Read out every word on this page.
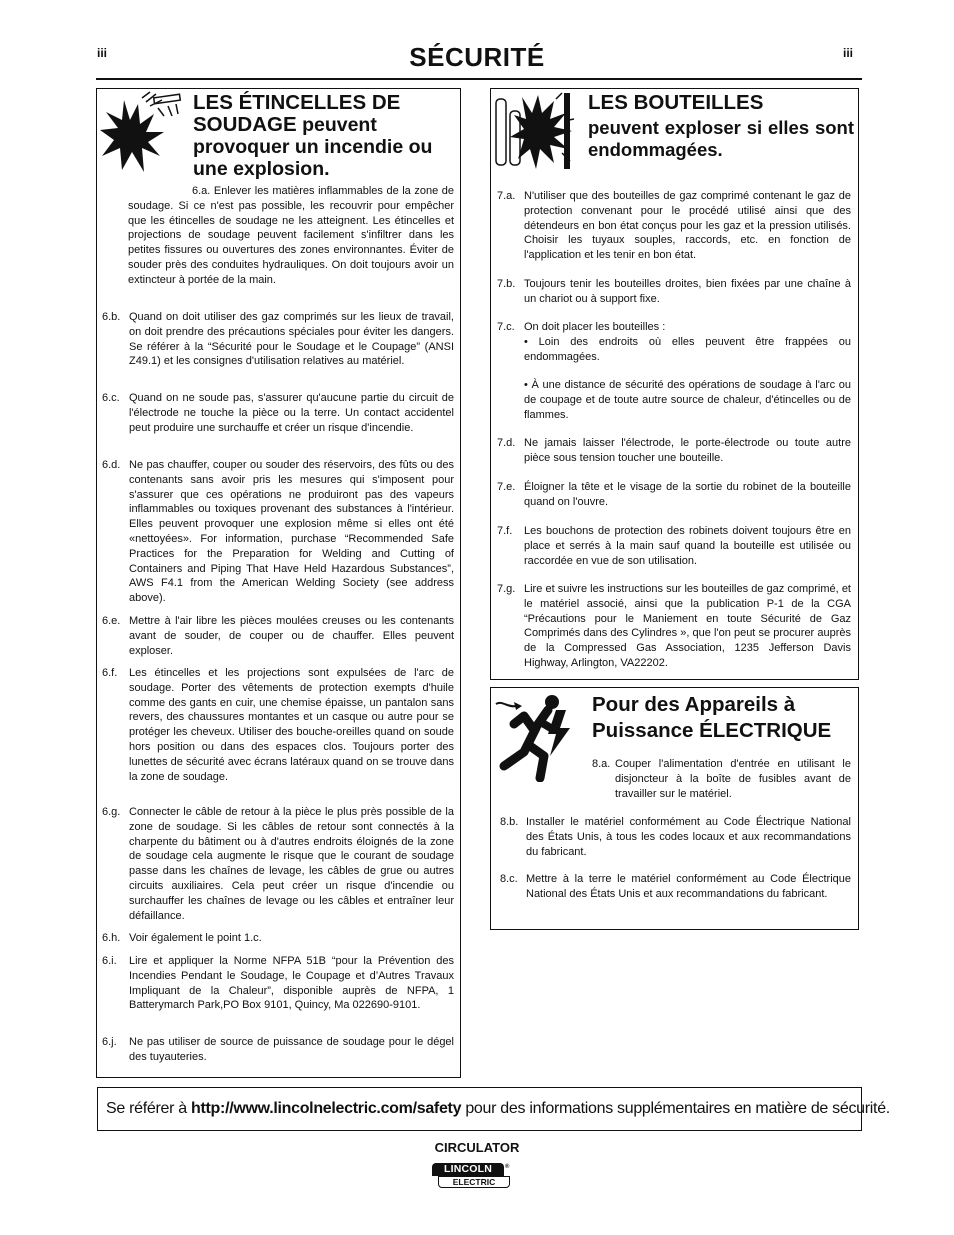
iii	iii
SÉCURITÉ
LES ÉTINCELLES DE SOUDAGE peuvent provoquer un incendie ou une explosion.
6.a. Enlever les matières inflammables de la zone de soudage. Si ce n'est pas possible, les recouvrir pour empêcher que les étincelles de soudage ne les atteignent. Les étincelles et projections de soudage peuvent facilement s'infiltrer dans les petites fissures ou ouvertures des zones environnantes. Éviter de souder près des conduites hydrauliques. On doit toujours avoir un extincteur à portée de la main.
6.b. Quand on doit utiliser des gaz comprimés sur les lieux de travail, on doit prendre des précautions spéciales pour éviter les dangers. Se référer à la “Sécurité pour le Soudage et le Coupage” (ANSI Z49.1) et les consignes d'utilisation relatives au matériel.
6.c. Quand on ne soude pas, s'assurer qu'aucune partie du circuit de l'électrode ne touche la pièce ou la terre. Un contact accidentel peut produire une surchauffe et créer un risque d'incendie.
6.d. Ne pas chauffer, couper ou souder des réservoirs, des fûts ou des contenants sans avoir pris les mesures qui s'imposent pour s'assurer que ces opérations ne produiront pas des vapeurs inflammables ou toxiques provenant des substances à l'intérieur. Elles peuvent provoquer une explosion même si elles ont été «nettoyées». For information, purchase “Recommended Safe Practices for the Preparation for Welding and Cutting of Containers and Piping That Have Held Hazardous Substances”, AWS F4.1 from the American Welding Society (see address above).
6.e. Mettre à l'air libre les pièces moulées creuses ou les contenants avant de souder, de couper ou de chauffer. Elles peuvent exploser.
6.f. Les étincelles et les projections sont expulsées de l'arc de soudage. Porter des vêtements de protection exempts d'huile comme des gants en cuir, une chemise épaisse, un pantalon sans revers, des chaussures montantes et un casque ou autre pour se protéger les cheveux. Utiliser des bouche-oreilles quand on soude hors position ou dans des espaces clos. Toujours porter des lunettes de sécurité avec écrans latéraux quand on se trouve dans la zone de soudage.
6.g. Connecter le câble de retour à la pièce le plus près possible de la zone de soudage. Si les câbles de retour sont connectés à la charpente du bâtiment ou à d'autres endroits éloignés de la zone de soudage cela augmente le risque que le courant de soudage passe dans les chaînes de levage, les câbles de grue ou autres circuits auxiliaires. Cela peut créer un risque d'incendie ou surchauffer les chaînes de levage ou les câbles et entraîner leur défaillance.
6.h. Voir également le point 1.c.
6.i. Lire et appliquer la Norme NFPA 51B “pour la Prévention des Incendies Pendant le Soudage, le Coupage et d’Autres Travaux Impliquant de la Chaleur”, disponible auprès de NFPA, 1 Batterymarch Park,PO Box 9101, Quincy, Ma 022690-9101.
6.j. Ne pas utiliser de source de puissance de soudage pour le dégel des tuyauteries.
LES BOUTEILLES
peuvent exploser si elles sont endommagées.
7.a. N'utiliser que des bouteilles de gaz comprimé contenant le gaz de protection convenant pour le procédé utilisé ainsi que des détendeurs en bon état conçus pour les gaz et la pression utilisés. Choisir les tuyaux souples, raccords, etc. en fonction de l'application et les tenir en bon état.
7.b. Toujours tenir les bouteilles droites, bien fixées par une chaîne à un chariot ou à support fixe.
7.c. On doit placer les bouteilles :
• Loin des endroits où elles peuvent être frappées ou endommagées.
• À une distance de sécurité des opérations de soudage à l'arc ou de coupage et de toute autre source de chaleur, d'étincelles ou de flammes.
7.d. Ne jamais laisser l'électrode, le porte-électrode ou toute autre pièce sous tension toucher une bouteille.
7.e. Éloigner la tête et le visage de la sortie du robinet de la bouteille quand on l'ouvre.
7.f. Les bouchons de protection des robinets doivent toujours être en place et serrés à la main sauf quand la bouteille est utilisée ou raccordée en vue de son utilisation.
7.g. Lire et suivre les instructions sur les bouteilles de gaz comprimé, et le matériel associé, ainsi que la publication P-1 de la CGA “Précautions pour le Maniement en toute Sécurité de Gaz Comprimés dans des Cylindres », que l'on peut se procurer auprès de la Compressed Gas Association, 1235 Jefferson Davis Highway, Arlington, VA22202.
Pour des Appareils à
Puissance ÉLECTRIQUE
8.a. Couper l'alimentation d'entrée en utilisant le disjoncteur à la boîte de fusibles avant de travailler sur le matériel.
8.b. Installer le matériel conformément au Code Électrique National des États Unis, à tous les codes locaux et aux recommandations du fabricant.
8.c. Mettre à la terre le matériel conformément au Code Électrique National des États Unis et aux recommandations du fabricant.
Se référer à http://www.lincolnelectric.com/safety pour des informations supplémentaires en matière de sécurité.
CIRCULATOR
LINCOLN	®
ELECTRIC
